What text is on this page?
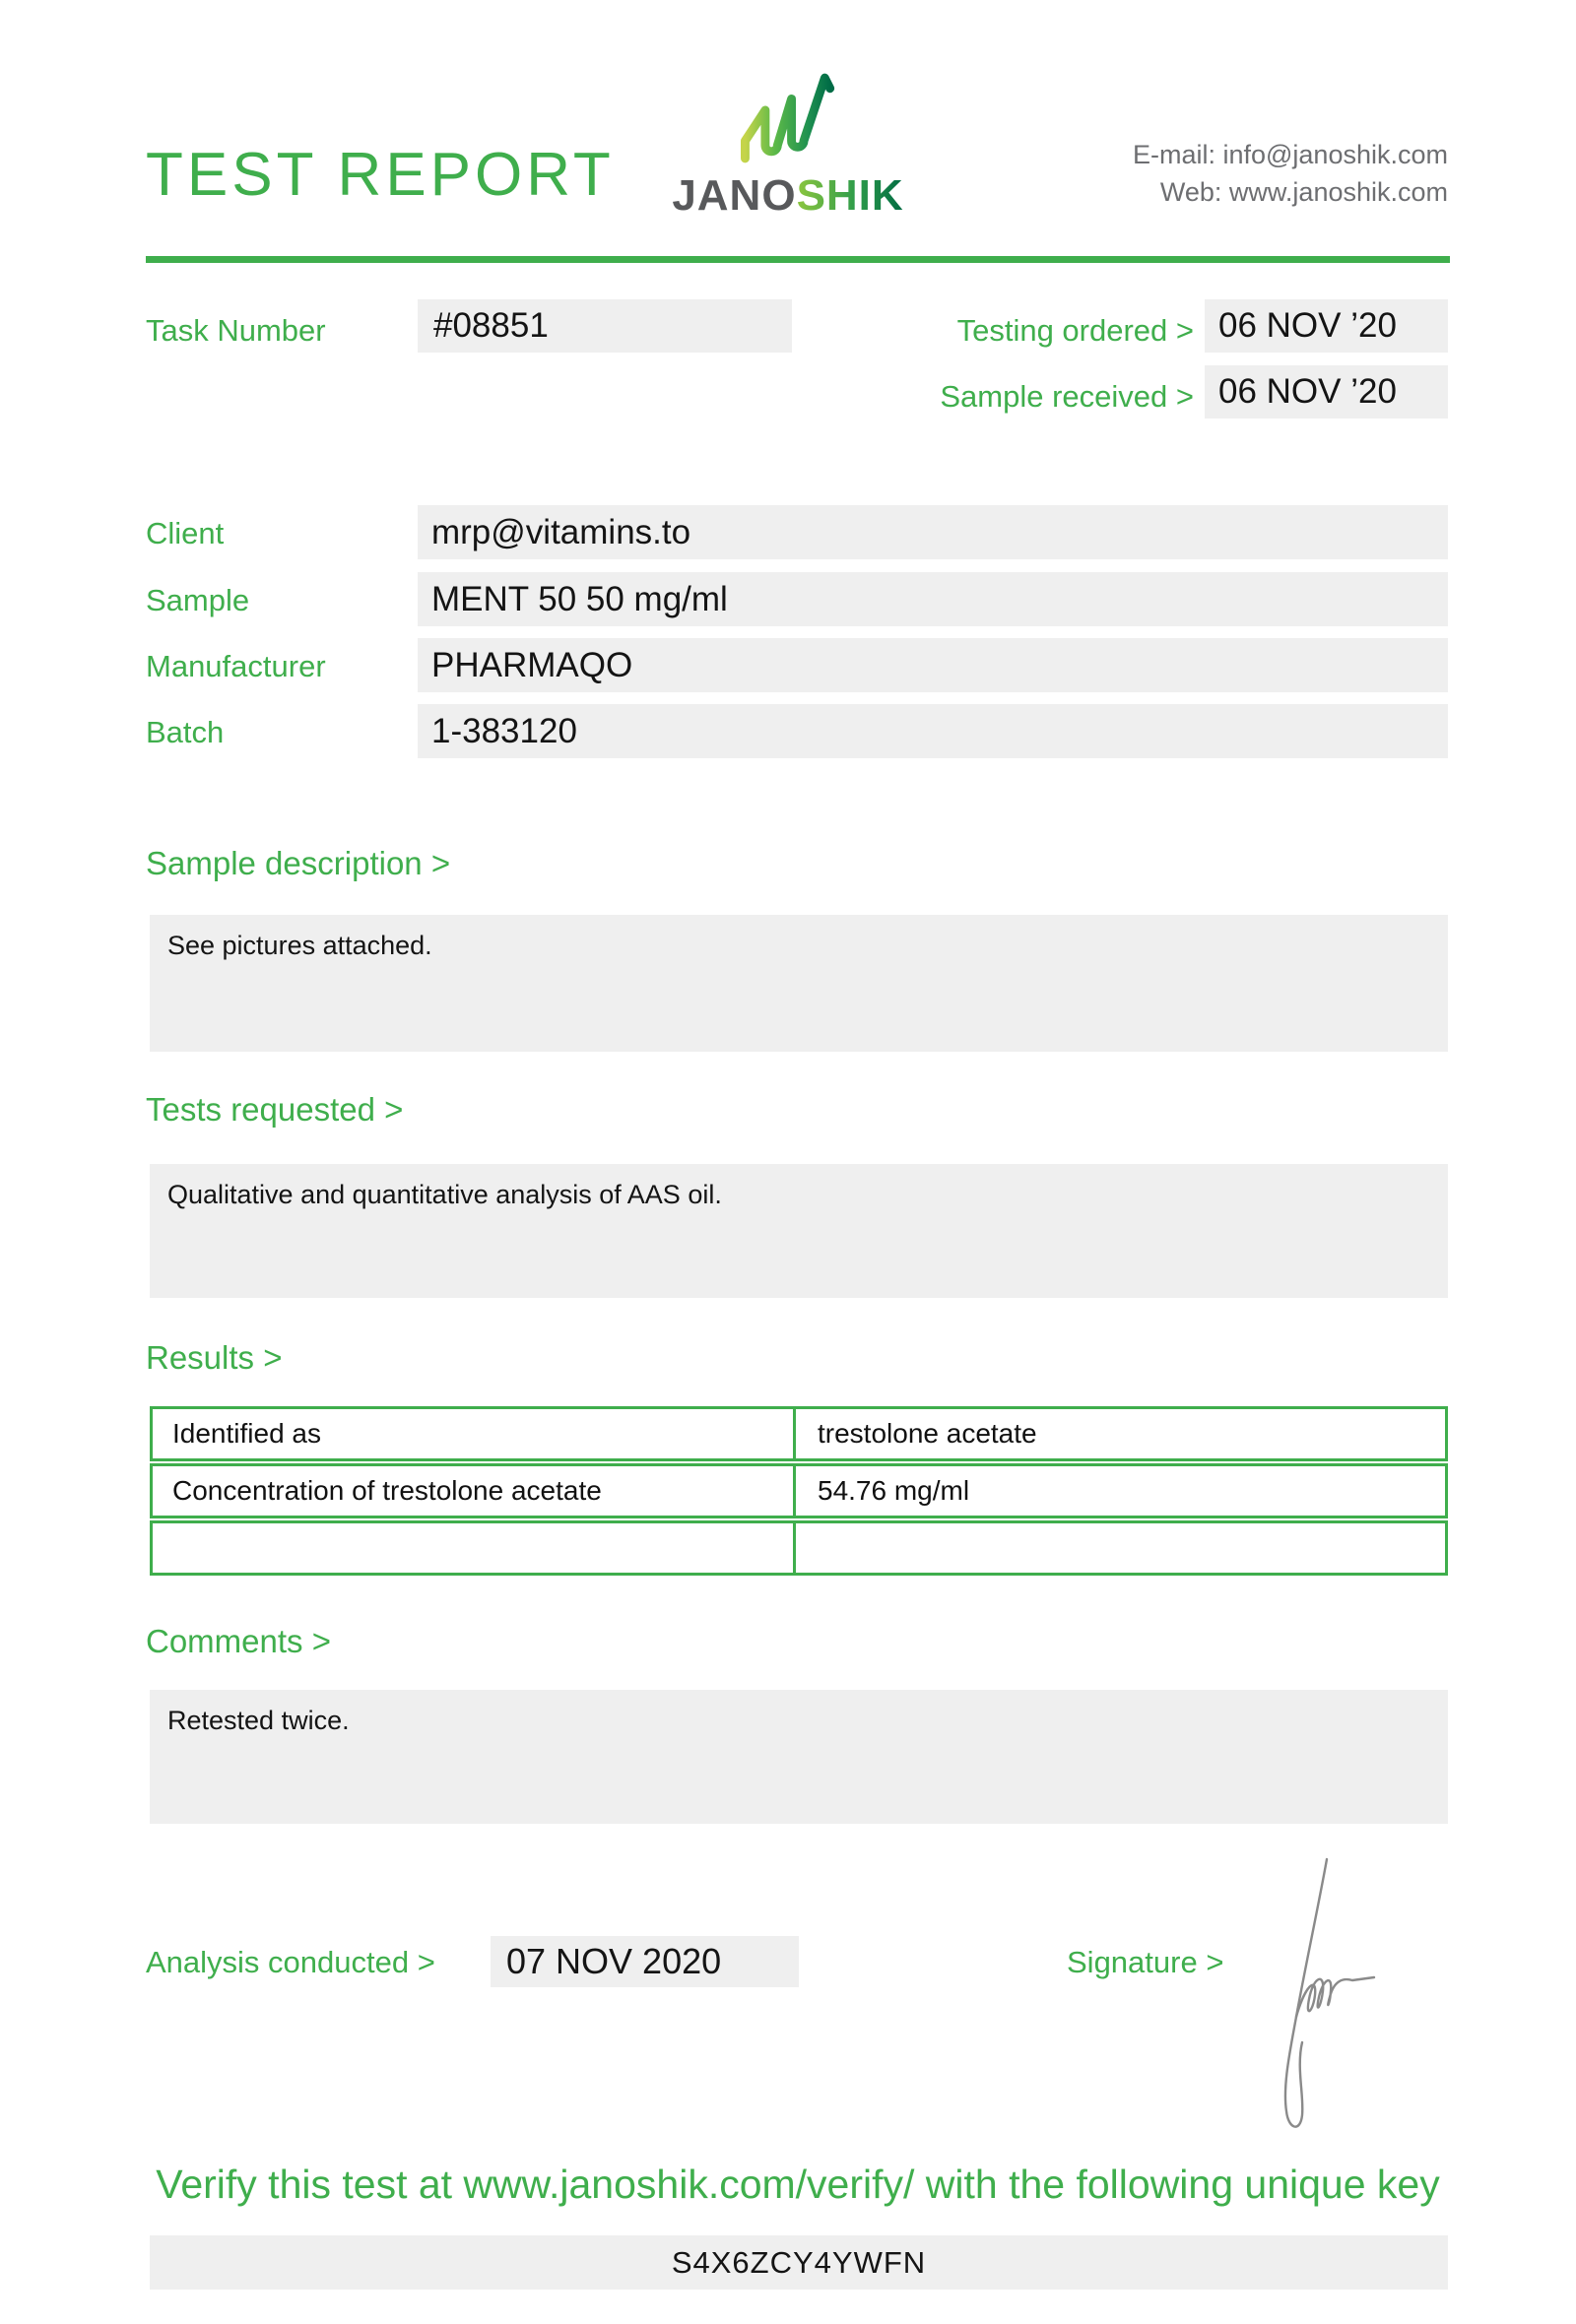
TEST REPORT JANOSHIK
E-mail: info@janoshik.com
Web: www.janoshik.com
Task Number	#08851	Testing ordered > 06 NOV ’20
Sample received > 06 NOV ’20
Client	mrp@vitamins.to
Sample	MENT 50 50 mg/ml
Manufacturer	PHARMAQO
Batch	1-383120
Sample description >
See pictures attached.
Tests requested >
Qualitative and quantitative analysis of AAS oil.
Results >
Identified as	trestolone acetate
Concentration of trestolone acetate	54.76 mg/ml
Comments >
Retested twice.
Analysis conducted >	07 NOV 2020	Signature >
Verify this test at www.janoshik.com/verify/ with the following unique key
S4X6ZCY4YWFN
